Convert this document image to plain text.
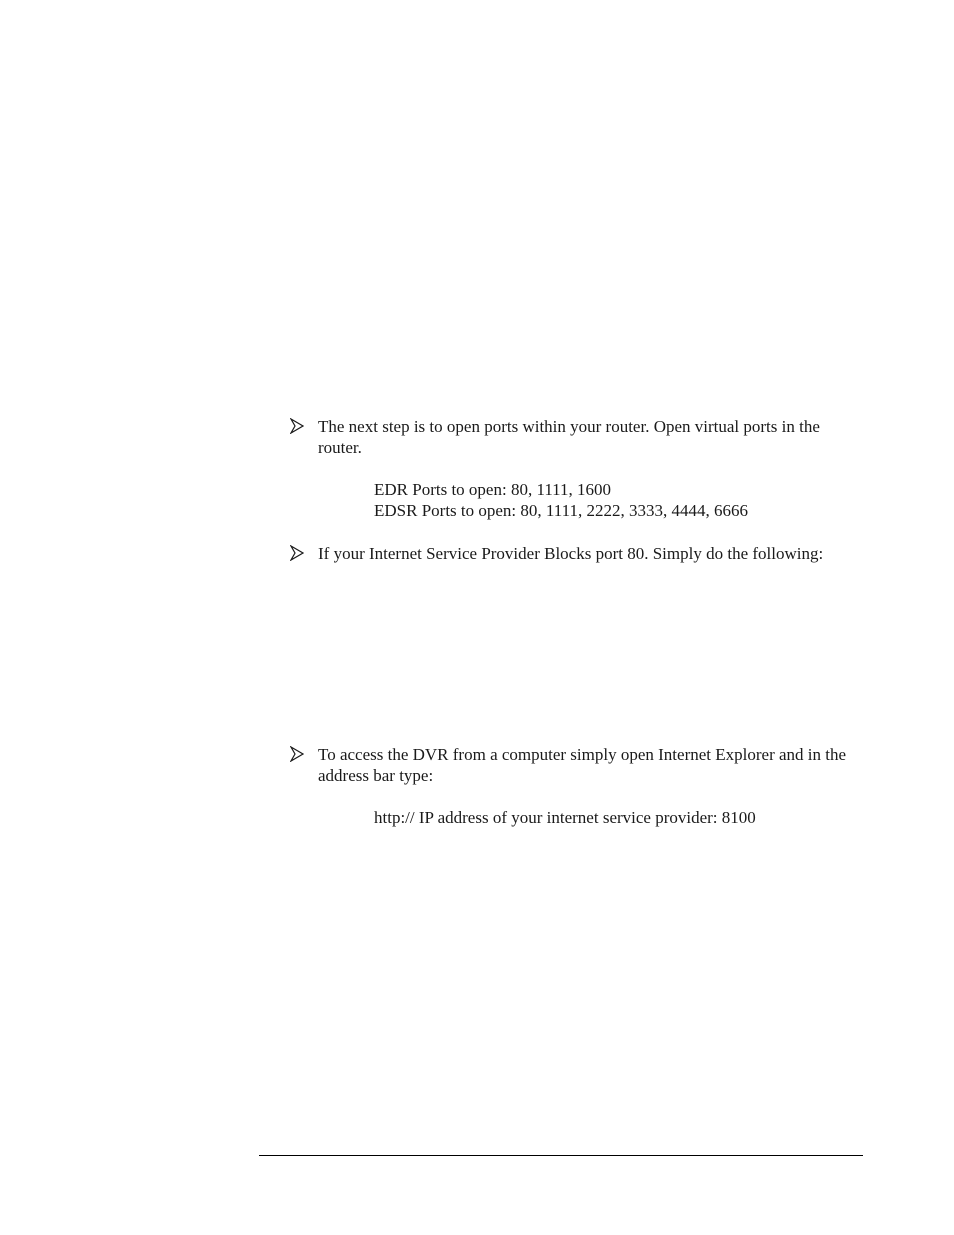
The next step is to open ports within your router. Open virtual ports in the router.
EDR Ports to open: 80, 1111, 1600
EDSR Ports to open: 80, 1111, 2222, 3333, 4444, 6666
If your Internet Service Provider Blocks port 80. Simply do the following:
To access the DVR from a computer simply open Internet Explorer and in the address bar type:
http:// IP address of your internet service provider: 8100
